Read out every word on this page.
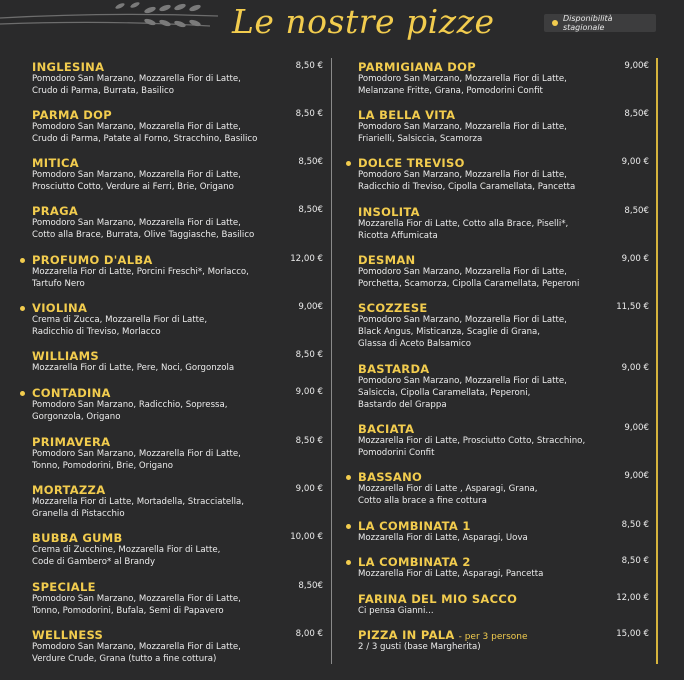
Le nostre pizze	Disponibilità stagionale
INGLESINA	8,50 €
Pomodoro San Marzano, Mozzarella Fior di Latte,
Crudo di Parma, Burrata, Basilico
PARMA DOP	8,50 €
Pomodoro San Marzano, Mozzarella Fior di Latte,
Crudo di Parma, Patate al Forno, Stracchino, Basilico
MITICA	8,50€
Pomodoro San Marzano, Mozzarella Fior di Latte,
Prosciutto Cotto, Verdure ai Ferri, Brie, Origano
PRAGA	8,50€
Pomodoro San Marzano, Mozzarella Fior di Latte,
Cotto alla Brace, Burrata, Olive Taggiasche, Basilico
PROFUMO D'ALBA	12,00 €
Mozzarella Fior di Latte, Porcini Freschi*, Morlacco,
Tartufo Nero
VIOLINA	9,00€
Crema di Zucca, Mozzarella Fior di Latte,
Radicchio di Treviso, Morlacco
WILLIAMS	8,50 €
Mozzarella Fior di Latte, Pere, Noci, Gorgonzola
CONTADINA	9,00 €
Pomodoro San Marzano, Radicchio, Sopressa,
Gorgonzola, Origano
PRIMAVERA	8,50 €
Pomodoro San Marzano, Mozzarella Fior di Latte,
Tonno, Pomodorini, Brie, Origano
MORTAZZA	9,00 €
Mozzarella Fior di Latte, Mortadella, Stracciatella,
Granella di Pistacchio
BUBBA GUMB	10,00 €
Crema di Zucchine, Mozzarella Fior di Latte,
Code di Gambero* al Brandy
SPECIALE	8,50€
Pomodoro San Marzano, Mozzarella Fior di Latte,
Tonno, Pomodorini, Bufala, Semi di Papavero
WELLNESS	8,00 €
Pomodoro San Marzano, Mozzarella Fior di Latte,
Verdure Crude, Grana (tutto a fine cottura)
PARMIGIANA DOP	9,00€
Pomodoro San Marzano, Mozzarella Fior di Latte,
Melanzane Fritte, Grana, Pomodorini Confit
LA BELLA VITA	8,50€
Pomodoro San Marzano, Mozzarella Fior di Latte,
Friarielli, Salsiccia, Scamorza
DOLCE TREVISO	9,00 €
Pomodoro San Marzano, Mozzarella Fior di Latte,
Radicchio di Treviso, Cipolla Caramellata, Pancetta
INSOLITA	8,50€
Mozzarella Fior di Latte, Cotto alla Brace, Piselli*,
Ricotta Affumicata
DESMAN	9,00 €
Pomodoro San Marzano, Mozzarella Fior di Latte,
Porchetta, Scamorza, Cipolla Caramellata, Peperoni
SCOZZESE	11,50 €
Pomodoro San Marzano, Mozzarella Fior di Latte,
Black Angus, Misticanza, Scaglie di Grana,
Glassa di Aceto Balsamico
BASTARDA	9,00 €
Pomodoro San Marzano, Mozzarella Fior di Latte,
Salsiccia, Cipolla Caramellata, Peperoni,
Bastardo del Grappa
BACIATA	9,00€
Mozzarella Fior di Latte, Prosciutto Cotto, Stracchino,
Pomodorini Confit
BASSANO	9,00€
Mozzarella Fior di Latte , Asparagi, Grana,
Cotto alla brace a fine cottura
LA COMBINATA 1	8,50 €
Mozzarella Fior di Latte, Asparagi, Uova
LA COMBINATA 2	8,50 €
Mozzarella Fior di Latte, Asparagi, Pancetta
FARINA DEL MIO SACCO	12,00 €
Ci pensa Gianni...
PIZZA IN PALA - per 3 persone	15,00 €
2 / 3 gusti (base Margherita)
